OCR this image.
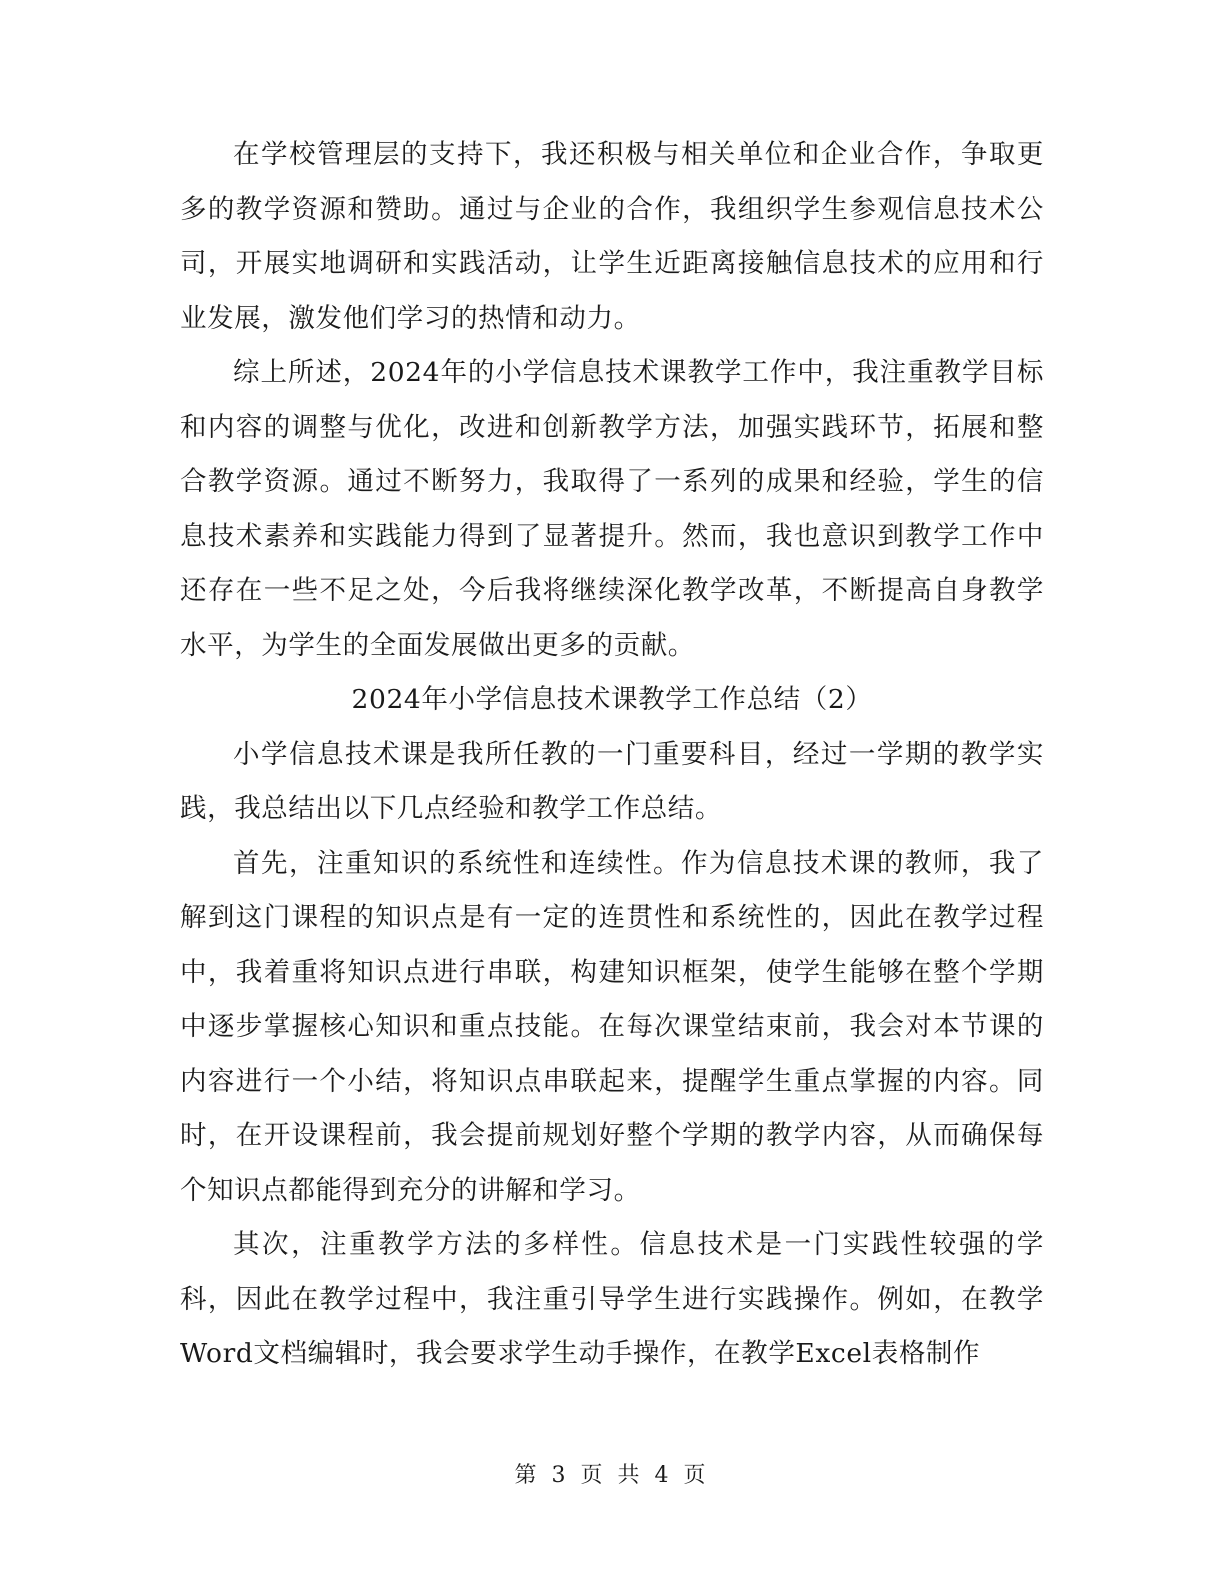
在学校管理层的支持下，我还积极与相关单位和企业合作，争取更多的教学资源和赞助。通过与企业的合作，我组织学生参观信息技术公司，开展实地调研和实践活动，让学生近距离接触信息技术的应用和行业发展，激发他们学习的热情和动力。

综上所述，2024年的小学信息技术课教学工作中，我注重教学目标和内容的调整与优化，改进和创新教学方法，加强实践环节，拓展和整合教学资源。通过不断努力，我取得了一系列的成果和经验，学生的信息技术素养和实践能力得到了显著提升。然而，我也意识到教学工作中还存在一些不足之处，今后我将继续深化教学改革，不断提高自身教学水平，为学生的全面发展做出更多的贡献。

2024年小学信息技术课教学工作总结（2）

小学信息技术课是我所任教的一门重要科目，经过一学期的教学实践，我总结出以下几点经验和教学工作总结。

首先，注重知识的系统性和连续性。作为信息技术课的教师，我了解到这门课程的知识点是有一定的连贯性和系统性的，因此在教学过程中，我着重将知识点进行串联，构建知识框架，使学生能够在整个学期中逐步掌握核心知识和重点技能。在每次课堂结束前，我会对本节课的内容进行一个小结，将知识点串联起来，提醒学生重点掌握的内容。同时，在开设课程前，我会提前规划好整个学期的教学内容，从而确保每个知识点都能得到充分的讲解和学习。

其次，注重教学方法的多样性。信息技术是一门实践性较强的学科，因此在教学过程中，我注重引导学生进行实践操作。例如，在教学Word文档编辑时，我会要求学生动手操作，在教学Excel表格制作

第 3 页 共 4 页
